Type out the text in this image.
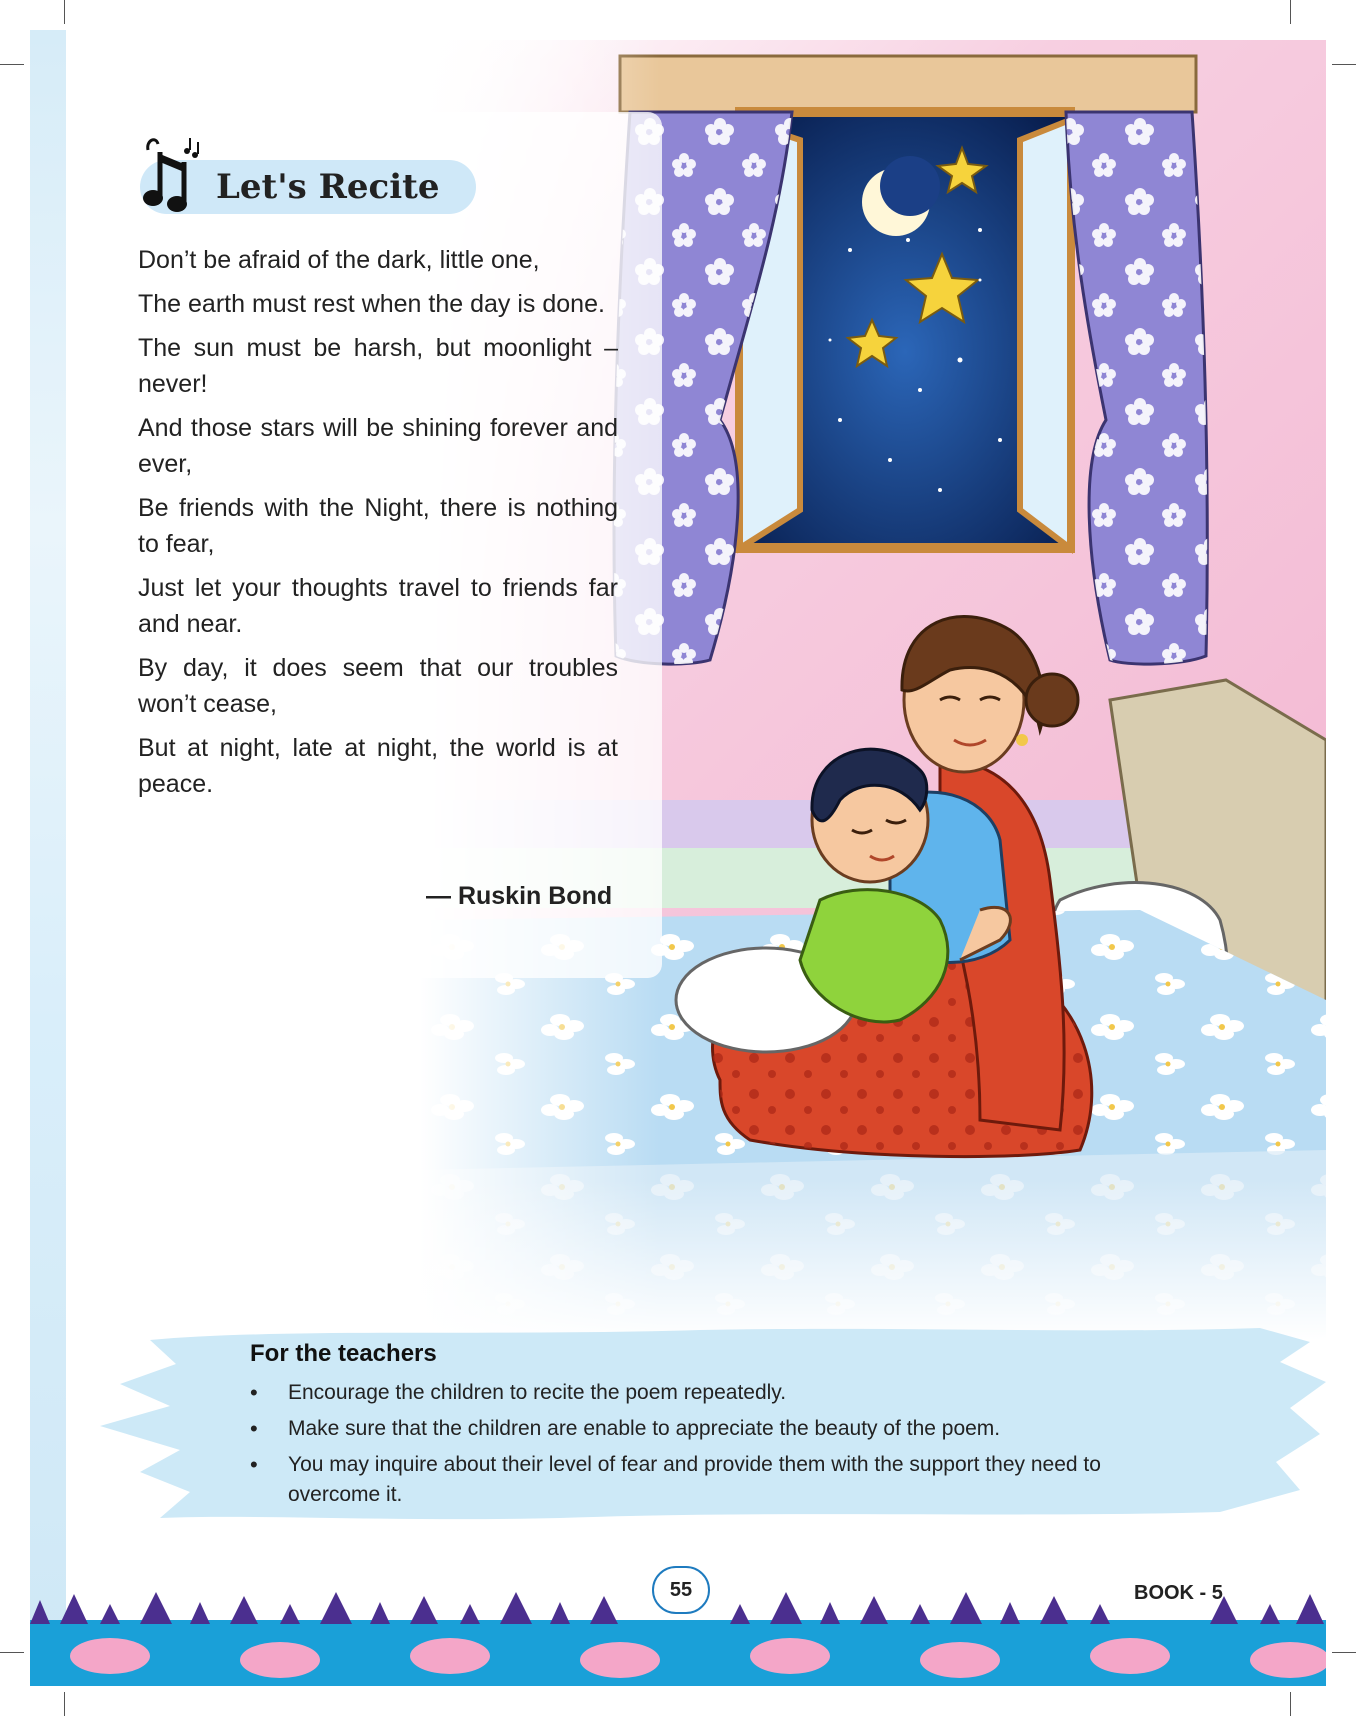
Let's Recite

Don’t be afraid of the dark, little one,

The earth must rest when the day is done.

The sun must be harsh, but moonlight – never!

And those stars will be shining forever and ever,

Be friends with the Night, there is nothing to fear,

Just let your thoughts travel to friends far and near.

By day, it does seem that our troubles won’t cease,

But at night, late at night, the world is at peace.

— Ruskin Bond
For the teachers
• Encourage the children to recite the poem repeatedly.
• Make sure that the children are enable to appreciate the beauty of the poem.
• You may inquire about their level of fear and provide them with the support they need to overcome it.
55	BOOK - 5
